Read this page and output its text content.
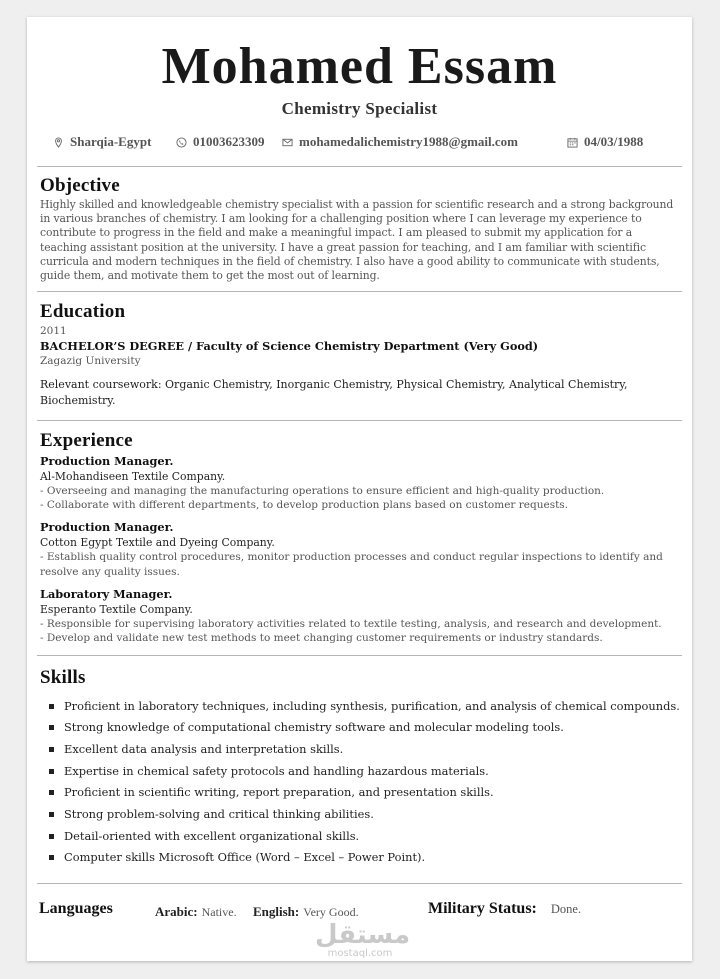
Mohamed Essam
Chemistry Specialist
Sharqia-Egypt	01003623309	mohamedalichemistry1988@gmail.com	04/03/1988
Objective
Highly skilled and knowledgeable chemistry specialist with a passion for scientific research and a strong background in various branches of chemistry. I am looking for a challenging position where I can leverage my experience to contribute to progress in the field and make a meaningful impact. I am pleased to submit my application for a teaching assistant position at the university. I have a great passion for teaching, and I am familiar with scientific curricula and modern techniques in the field of chemistry. I also have a good ability to communicate with students, guide them, and motivate them to get the most out of learning.
Education
2011
BACHELOR’S DEGREE / Faculty of Science Chemistry Department (Very Good)
Zagazig University
Relevant coursework: Organic Chemistry, Inorganic Chemistry, Physical Chemistry, Analytical Chemistry,
Biochemistry.
Experience
Production Manager.
Al-Mohandiseen Textile Company.
- Overseeing and managing the manufacturing operations to ensure efficient and high-quality production.
- Collaborate with different departments, to develop production plans based on customer requests.
Production Manager.
Cotton Egypt Textile and Dyeing Company.
- Establish quality control procedures, monitor production processes and conduct regular inspections to identify and
resolve any quality issues.
Laboratory Manager.
Esperanto Textile Company.
- Responsible for supervising laboratory activities related to textile testing, analysis, and research and development.
- Develop and validate new test methods to meet changing customer requirements or industry standards.
Skills
Proficient in laboratory techniques, including synthesis, purification, and analysis of chemical compounds.
Strong knowledge of computational chemistry software and molecular modeling tools.
Excellent data analysis and interpretation skills.
Expertise in chemical safety protocols and handling hazardous materials.
Proficient in scientific writing, report preparation, and presentation skills.
Strong problem-solving and critical thinking abilities.
Detail-oriented with excellent organizational skills.
Computer skills Microsoft Office (Word – Excel – Power Point).
Languages	Arabic: Native. English: Very Good.	Military Status: Done.
مستقل
mostaql.com
